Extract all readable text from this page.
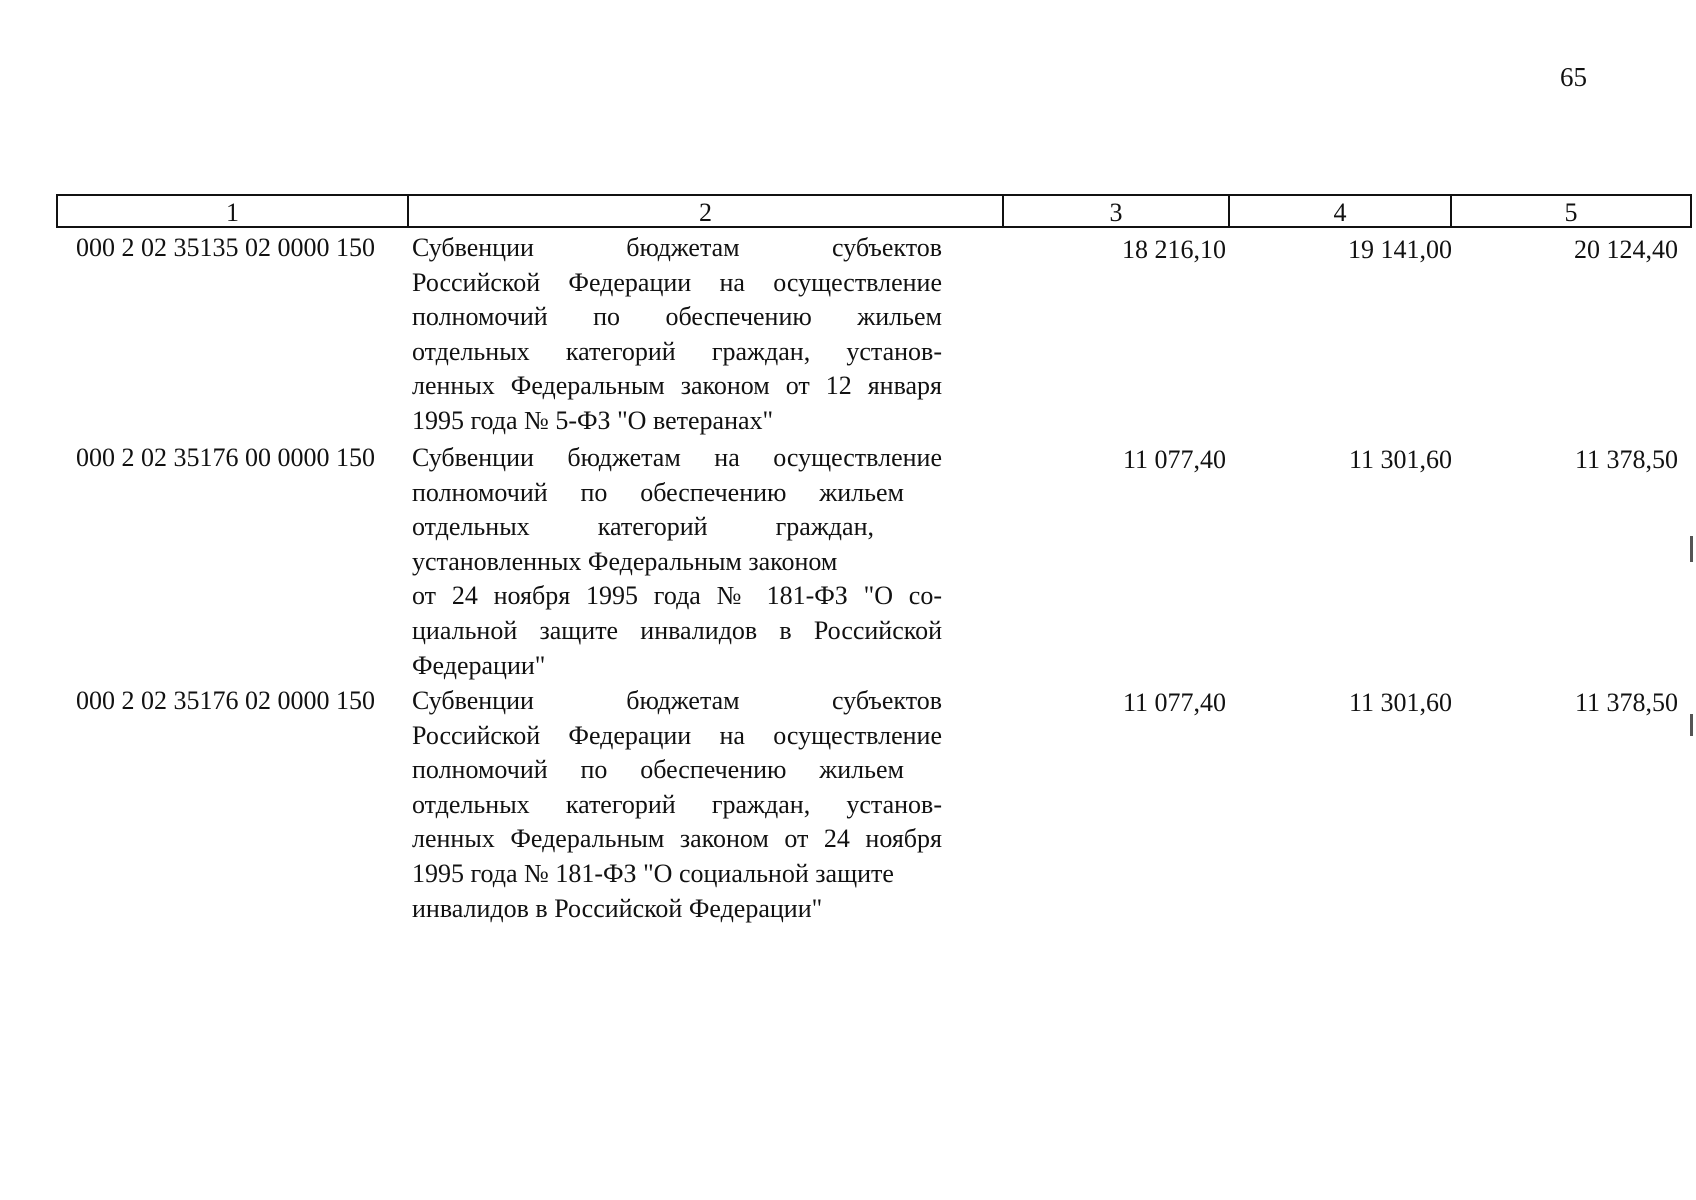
65
1	2	3	4	5
000 2 02 35135 02 0000 150	Субвенции бюджетам субъектов
Российской Федерации на осуществление
полномочий по обеспечению жильем
отдельных категорий граждан, установ-
ленных Федеральным законом от 12 января
1995 года № 5-ФЗ "О ветеранах"
18 216,10	19 141,00	20 124,40
000 2 02 35176 00 0000 150	Субвенции бюджетам на осуществление
полномочий по обеспечению жильем
отдельных категорий граждан,
установленных Федеральным законом
от 24 ноября 1995 года № 181-ФЗ "О со-
циальной защите инвалидов в Российской
Федерации"
11 077,40	11 301,60	11 378,50
000 2 02 35176 02 0000 150	Субвенции бюджетам субъектов
Российской Федерации на осуществление
полномочий по обеспечению жильем
отдельных категорий граждан, установ-
ленных Федеральным законом от 24 ноября
1995 года № 181-ФЗ "О социальной защите
инвалидов в Российской Федерации"
11 077,40	11 301,60	11 378,50
